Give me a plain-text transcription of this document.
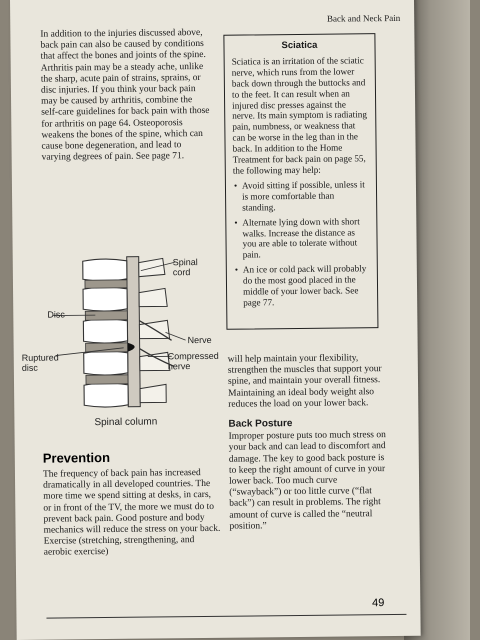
Back and Neck Pain
In addition to the injuries discussed above, back pain can also be caused by conditions that affect the bones and joints of the spine. Arthritis pain may be a steady ache, unlike the sharp, acute pain of strains, sprains, or disc injuries. If you think your back pain may be caused by arthritis, combine the self-care guidelines for back pain with those for arthritis on page 64. Osteoporosis weakens the bones of the spine, which can cause bone degeneration, and lead to varying degrees of pain. See page 71.
Sciatica

Sciatica is an irritation of the sciatic nerve, which runs from the lower back down through the buttocks and to the feet. It can result when an injured disc presses against the nerve. Its main symptom is radiating pain, numbness, or weakness that can be worse in the leg than in the back. In addition to the Home Treatment for back pain on page 55, the following may help:

• Avoid sitting if possible, unless it is more comfortable than standing.
• Alternate lying down with short walks. Increase the distance as you are able to tolerate without pain.
• An ice or cold pack will probably do the most good placed in the middle of your lower back. See page 77.
Spinal
cord
Disc
Nerve
Ruptured
disc
Compressed
nerve
Spinal column

will help maintain your flexibility, strengthen the muscles that support your spine, and maintain your overall fitness. Maintaining an ideal body weight also reduces the load on your lower back.

Back Posture

Improper posture puts too much stress on your back and can lead to discomfort and damage. The key to good back posture is to keep the right amount of curve in your lower back. Too much curve (“swayback”) or too little curve (“flat back”) can result in problems. The right amount of curve is called the “neutral position.”

Prevention
The frequency of back pain has increased dramatically in all developed countries. The more time we spend sitting at desks, in cars, or in front of the TV, the more we must do to prevent back pain. Good posture and body mechanics will reduce the stress on your back. Exercise (stretching, strengthening, and aerobic exercise)
49
